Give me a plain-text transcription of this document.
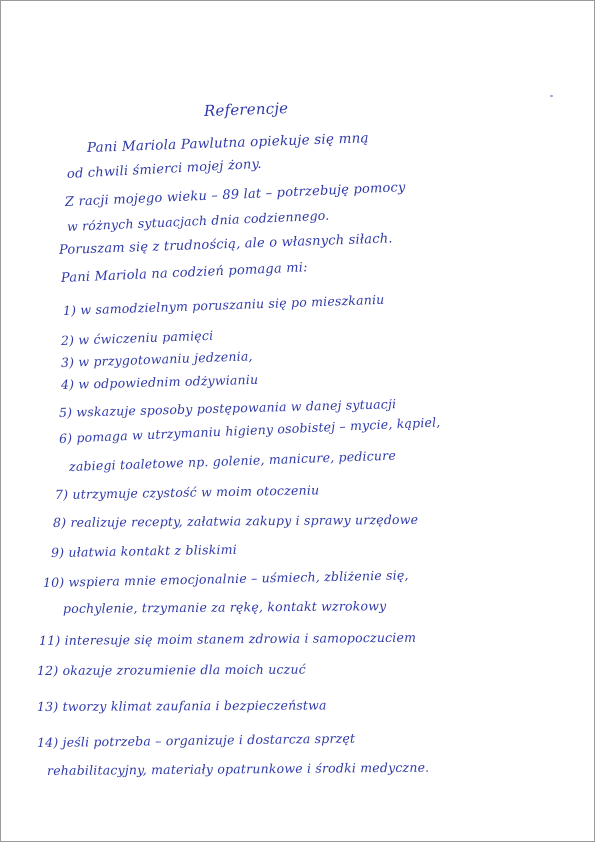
Referencje
Pani Mariola Pawlutna opiekuje się mną
od chwili śmierci mojej żony.
Z racji mojego wieku – 89 lat – potrzebuję pomocy
w różnych sytuacjach dnia codziennego.
Poruszam się z trudnością, ale o własnych siłach.
Pani Mariola na codzień pomaga mi:
1) w samodzielnym poruszaniu się po mieszkaniu
2) w ćwiczeniu pamięci
3) w przygotowaniu jedzenia,
4) w odpowiednim odżywianiu
5) wskazuje sposoby postępowania w danej sytuacji
6) pomaga w utrzymaniu higieny osobistej – mycie, kąpiel,
zabiegi toaletowe np. golenie, manicure, pedicure
7) utrzymuje czystość w moim otoczeniu
8) realizuje recepty, załatwia zakupy i sprawy urzędowe
9) ułatwia kontakt z bliskimi
10) wspiera mnie emocjonalnie – uśmiech, zbliżenie się,
pochylenie, trzymanie za rękę, kontakt wzrokowy
11) interesuje się moim stanem zdrowia i samopoczuciem
12) okazuje zrozumienie dla moich uczuć
13) tworzy klimat zaufania i bezpieczeństwa
14) jeśli potrzeba – organizuje i dostarcza sprzęt
rehabilitacyjny, materiały opatrunkowe i środki medyczne.
